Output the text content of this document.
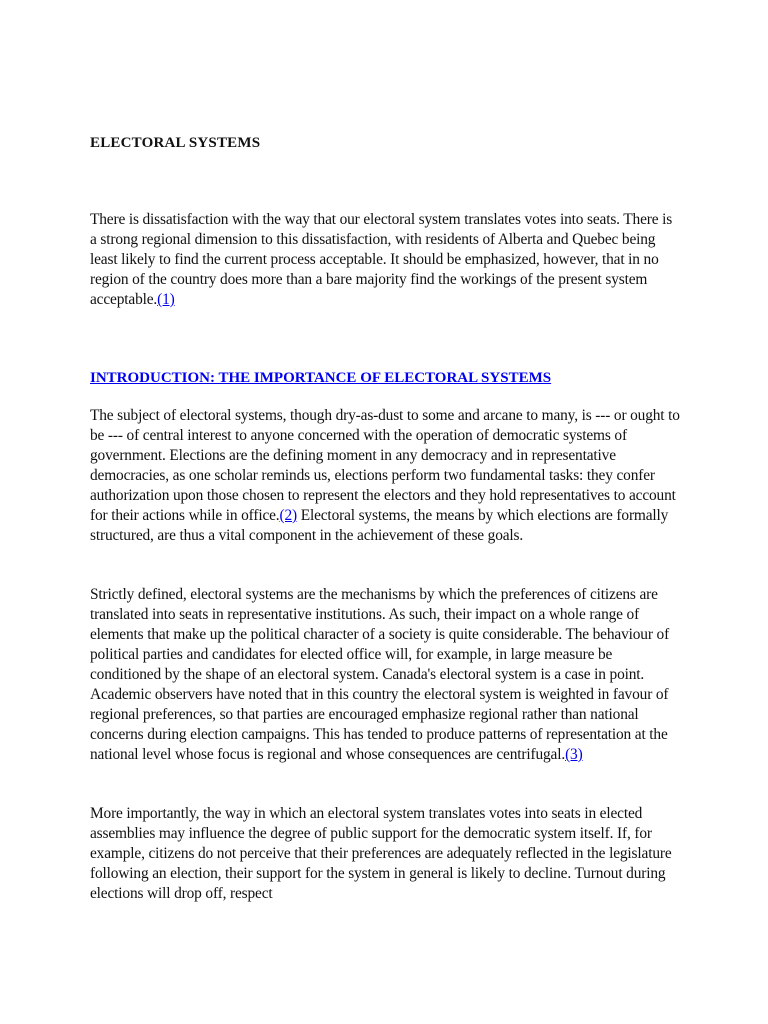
ELECTORAL SYSTEMS

There is dissatisfaction with the way that our electoral system translates votes into seats. There is a strong regional dimension to this dissatisfaction, with residents of Alberta and Quebec being least likely to find the current process acceptable. It should be emphasized, however, that in no region of the country does more than a bare majority find the workings of the present system acceptable.(1)

INTRODUCTION: THE IMPORTANCE OF ELECTORAL SYSTEMS

The subject of electoral systems, though dry-as-dust to some and arcane to many, is --- or ought to be --- of central interest to anyone concerned with the operation of democratic systems of government. Elections are the defining moment in any democracy and in representative democracies, as one scholar reminds us, elections perform two fundamental tasks: they confer authorization upon those chosen to represent the electors and they hold representatives to account for their actions while in office.(2) Electoral systems, the means by which elections are formally structured, are thus a vital component in the achievement of these goals.

Strictly defined, electoral systems are the mechanisms by which the preferences of citizens are translated into seats in representative institutions. As such, their impact on a whole range of elements that make up the political character of a society is quite considerable. The behaviour of political parties and candidates for elected office will, for example, in large measure be conditioned by the shape of an electoral system. Canada's electoral system is a case in point. Academic observers have noted that in this country the electoral system is weighted in favour of regional preferences, so that parties are encouraged emphasize regional rather than national concerns during election campaigns. This has tended to produce patterns of representation at the national level whose focus is regional and whose consequences are centrifugal.(3)

More importantly, the way in which an electoral system translates votes into seats in elected assemblies may influence the degree of public support for the democratic system itself. If, for example, citizens do not perceive that their preferences are adequately reflected in the legislature following an election, their support for the system in general is likely to decline. Turnout during elections will drop off, respect
